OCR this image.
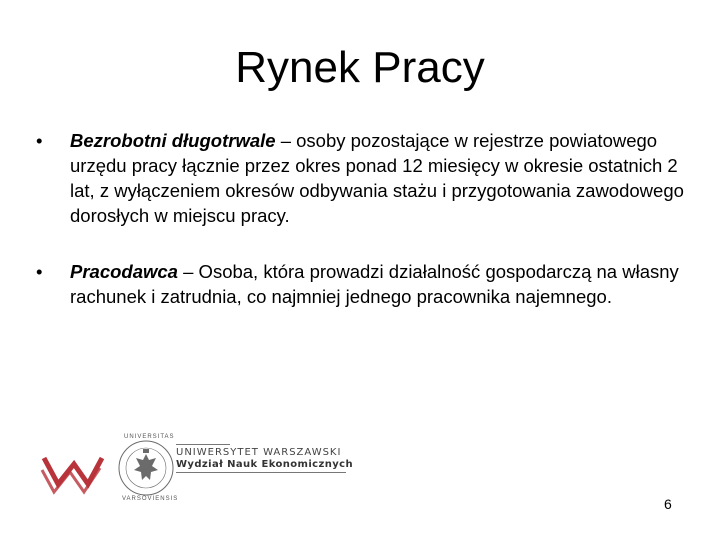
Rynek Pracy
•	Bezrobotni długotrwale – osoby pozostające w rejestrze powiatowego urzędu pracy łącznie przez okres ponad 12 miesięcy w okresie ostatnich 2 lat, z wyłączeniem okresów odbywania stażu i przygotowania zawodowego dorosłych w miejscu pracy.
•	Pracodawca – Osoba, która prowadzi działalność gospodarczą na własny rachunek i zatrudnia, co najmniej jednego pracownika najemnego.
UNIVERSITAS
VARSOVIENSIS
UNIWERSYTET WARSZAWSKI
Wydział Nauk Ekonomicznych
6
